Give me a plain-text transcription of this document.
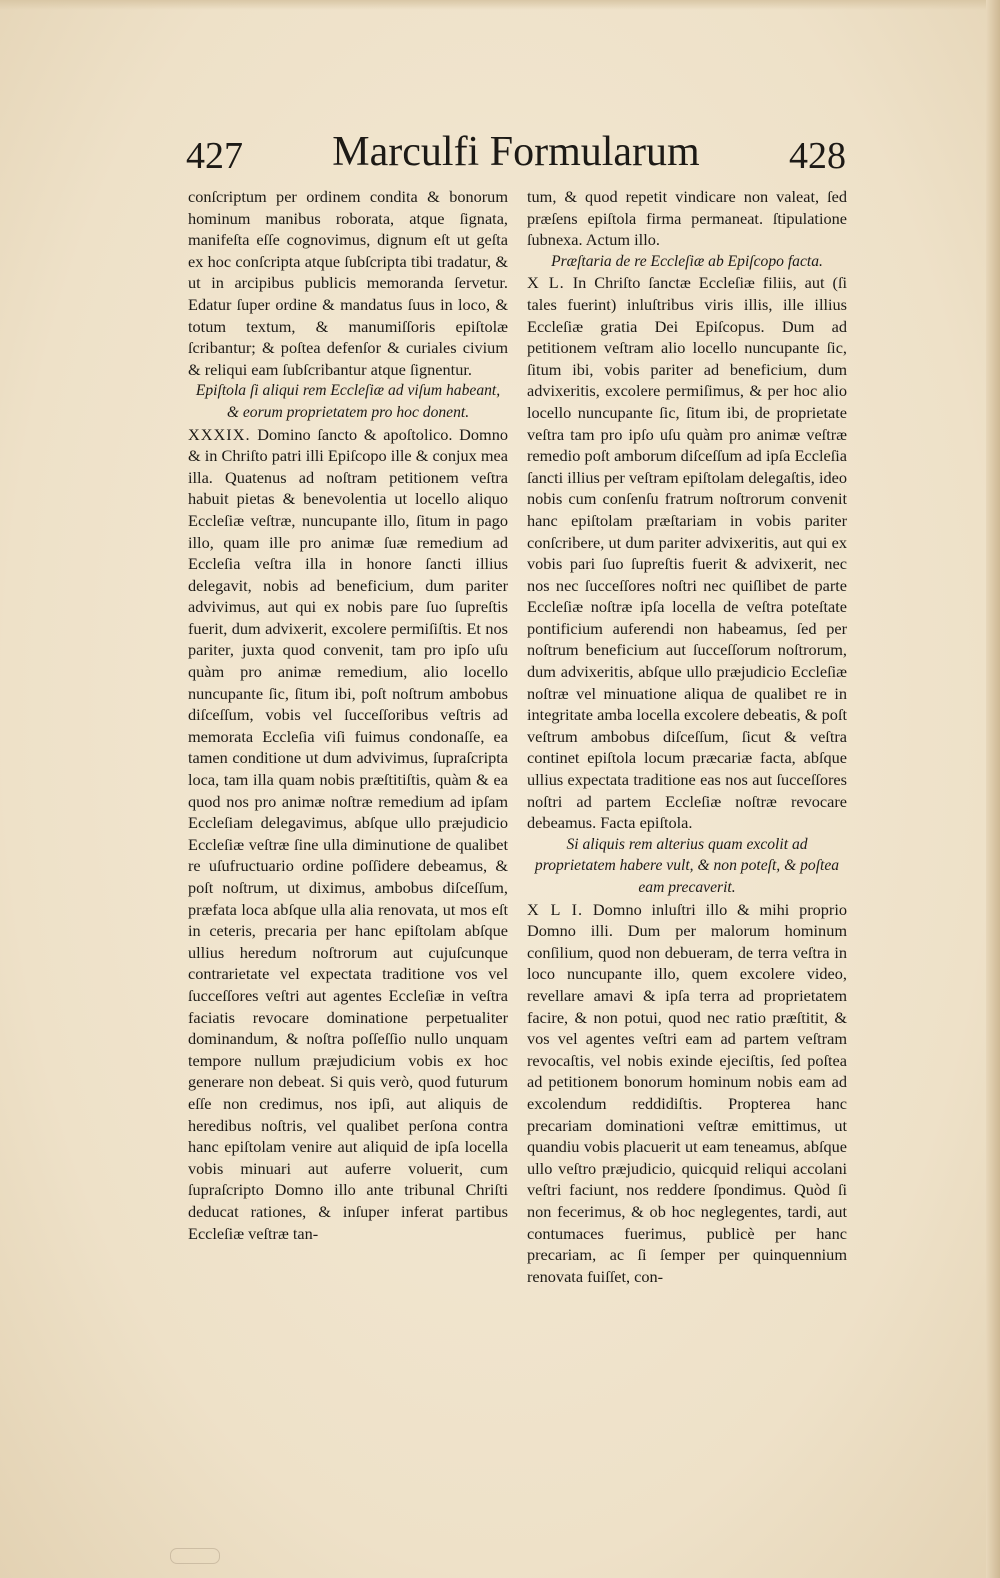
427	Marculfi Formularum	428

conſcriptum per ordinem condita & bonorum hominum manibus roborata, atque ſignata, manifeſta eſſe cognovimus, dignum eſt ut geſta ex hoc conſcripta atque ſubſcripta tibi tradatur, & ut in arcipibus publicis memoranda ſervetur. Edatur ſuper ordine & mandatus ſuus in loco, & totum textum, & manumiſſoris epiſtolæ ſcribantur; & poſtea defenſor & curiales civium & reliqui eam ſubſcribantur atque ſignentur.

Epiſtola ſi aliqui rem Eccleſiæ ad viſum habeant, & eorum proprietatem pro hoc donent.

XXXIX. Domino ſancto & apoſtolico. Domno & in Chriſto patri illi Epiſcopo ille & conjux mea illa. Quatenus ad noſtram petitionem veſtra habuit pietas & benevolentia ut locello aliquo Eccleſiæ veſtræ, nuncupante illo, ſitum in pago illo, quam ille pro animæ ſuæ remedium ad Eccleſia veſtra illa in honore ſancti illius delegavit, nobis ad beneficium, dum pariter advivimus, aut qui ex nobis pare ſuo ſupreſtis fuerit, dum advixerit, excolere permiſiſtis. Et nos pariter, juxta quod convenit, tam pro ipſo uſu quàm pro animæ remedium, alio locello nuncupante ſic, ſitum ibi, poſt noſtrum ambobus diſceſſum, vobis vel ſucceſſoribus veſtris ad memorata Eccleſia viſi fuimus condonaſſe, ea tamen conditione ut dum advivimus, ſupraſcripta loca, tam illa quam nobis præſtitiſtis, quàm & ea quod nos pro animæ noſtræ remedium ad ipſam Eccleſiam delegavimus, abſque ullo præjudicio Eccleſiæ veſtræ ſine ulla diminutione de qualibet re uſufructuario ordine poſſidere debeamus, & poſt noſtrum, ut diximus, ambobus diſceſſum, præfata loca abſque ulla alia renovata, ut mos eſt in ceteris, precaria per hanc epiſtolam abſque ullius heredum noſtrorum aut cujuſcunque contrarietate vel expectata traditione vos vel ſucceſſores veſtri aut agentes Eccleſiæ in veſtra faciatis revocare dominatione perpetualiter dominandum, & noſtra poſſeſſio nullo unquam tempore nullum præjudicium vobis ex hoc generare non debeat. Si quis verò, quod futurum eſſe non credimus, nos ipſi, aut aliquis de heredibus noſtris, vel qualibet perſona contra hanc epiſtolam venire aut aliquid de ipſa locella vobis minuari aut auferre voluerit, cum ſupraſcripto Domno illo ante tribunal Chriſti deducat rationes, & inſuper inferat partibus Eccleſiæ veſtræ tan-

tum, & quod repetit vindicare non valeat, ſed præſens epiſtola firma permaneat. ſtipulatione ſubnexa. Actum illo.

Præſtaria de re Eccleſiæ ab Epiſcopo facta.

X L. In Chriſto ſanctæ Eccleſiæ filiis, aut (ſi tales fuerint) inluſtribus viris illis, ille illius Eccleſiæ gratia Dei Epiſcopus. Dum ad petitionem veſtram alio locello nuncupante ſic, ſitum ibi, vobis pariter ad beneficium, dum advixeritis, excolere permiſimus, & per hoc alio locello nuncupante ſic, ſitum ibi, de proprietate veſtra tam pro ipſo uſu quàm pro animæ veſtræ remedio poſt amborum diſceſſum ad ipſa Eccleſia ſancti illius per veſtram epiſtolam delegaſtis, ideo nobis cum conſenſu fratrum noſtrorum convenit hanc epiſtolam præſtariam in vobis pariter conſcribere, ut dum pariter advixeritis, aut qui ex vobis pari ſuo ſupreſtis fuerit & advixerit, nec nos nec ſucceſſores noſtri nec quiſlibet de parte Eccleſiæ noſtræ ipſa locella de veſtra poteſtate pontificium auferendi non habeamus, ſed per noſtrum beneficium aut ſucceſſorum noſtrorum, dum advixeritis, abſque ullo præjudicio Eccleſiæ noſtræ vel minuatione aliqua de qualibet re in integritate amba locella excolere debeatis, & poſt veſtrum ambobus diſceſſum, ſicut & veſtra continet epiſtola locum præcariæ facta, abſque ullius expectata traditione eas nos aut ſucceſſores noſtri ad partem Eccleſiæ noſtræ revocare debeamus. Facta epiſtola.

Si aliquis rem alterius quam excolit ad proprietatem habere vult, & non poteſt, & poſtea eam precaverit.

X L I. Domno inluſtri illo & mihi proprio Domno illi. Dum per malorum hominum conſilium, quod non debueram, de terra veſtra in loco nuncupante illo, quem excolere video, revellare amavi & ipſa terra ad proprietatem facire, & non potui, quod nec ratio præſtitit, & vos vel agentes veſtri eam ad partem veſtram revocaſtis, vel nobis exinde ejeciſtis, ſed poſtea ad petitionem bonorum hominum nobis eam ad excolendum reddidiſtis. Propterea hanc precariam dominationi veſtræ emittimus, ut quandiu vobis placuerit ut eam teneamus, abſque ullo veſtro præjudicio, quicquid reliqui accolani veſtri faciunt, nos reddere ſpondimus. Quòd ſi non fecerimus, & ob hoc neglegentes, tardi, aut contumaces fuerimus, publicè per hanc precariam, ac ſi ſemper per quinquennium renovata fuiſſet, con-
